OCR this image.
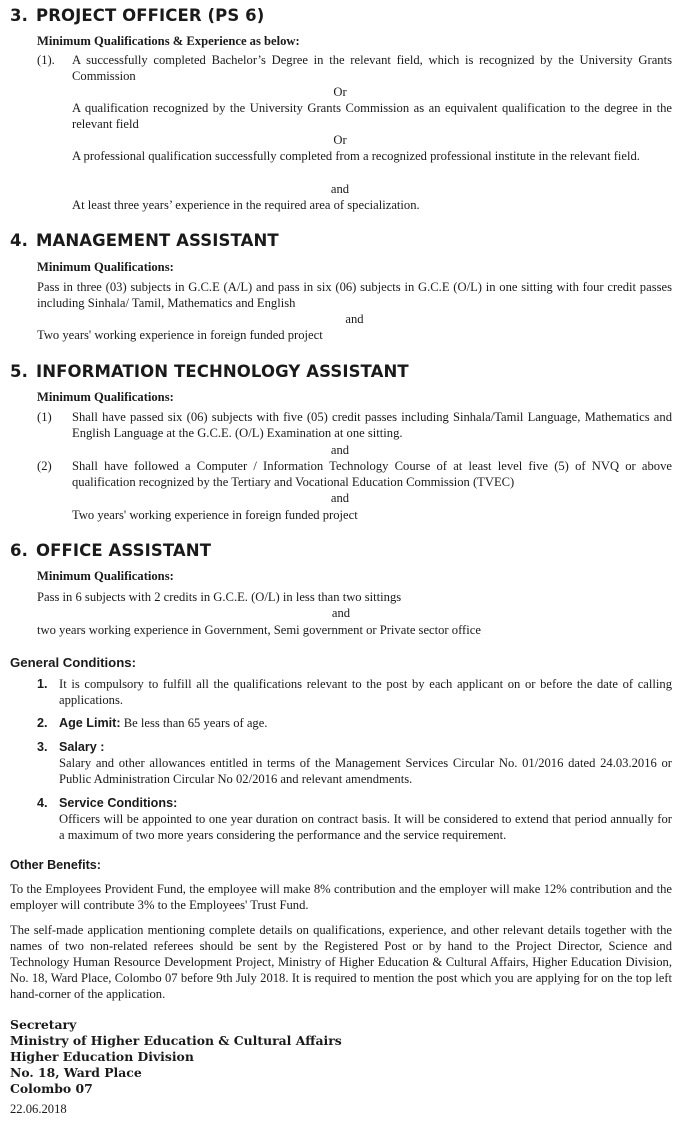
3. PROJECT OFFICER (PS 6)
Minimum Qualifications & Experience as below:
(1). A successfully completed Bachelor’s Degree in the relevant field, which is recognized by the University Grants Commission
Or
A qualification recognized by the University Grants Commission as an equivalent qualification to the degree in the relevant field
Or
A professional qualification successfully completed from a recognized professional institute in the relevant field.
and
At least three years’ experience in the required area of specialization.
4. MANAGEMENT ASSISTANT
Minimum Qualifications:
Pass in three (03) subjects in G.C.E (A/L) and pass in six (06) subjects in G.C.E (O/L) in one sitting with four credit passes including Sinhala/ Tamil, Mathematics and English
and
Two years' working experience in foreign funded project
5. INFORMATION TECHNOLOGY ASSISTANT
Minimum Qualifications:
(1) Shall have passed six (06) subjects with five (05) credit passes including Sinhala/Tamil Language, Mathematics and English Language at the G.C.E. (O/L) Examination at one sitting.
and
(2) Shall have followed a Computer / Information Technology Course of at least level five (5) of NVQ or above qualification recognized by the Tertiary and Vocational Education Commission (TVEC)
and
Two years' working experience in foreign funded project
6. OFFICE ASSISTANT
Minimum Qualifications:
Pass in 6 subjects with 2 credits in G.C.E. (O/L) in less than two sittings
and
two years working experience in Government, Semi government or Private sector office
General Conditions:
1. It is compulsory to fulfill all the qualifications relevant to the post by each applicant on or before the date of calling applications.
2. Age Limit: Be less than 65 years of age.
3. Salary :
Salary and other allowances entitled in terms of the Management Services Circular No. 01/2016 dated 24.03.2016 or Public Administration Circular No 02/2016 and relevant amendments.
4. Service Conditions:
Officers will be appointed to one year duration on contract basis. It will be considered to extend that period annually for a maximum of two more years considering the performance and the service requirement.
Other Benefits:
To the Employees Provident Fund, the employee will make 8% contribution and the employer will make 12% contribution and the employer will contribute 3% to the Employees' Trust Fund.
The self-made application mentioning complete details on qualifications, experience, and other relevant details together with the names of two non-related referees should be sent by the Registered Post or by hand to the Project Director, Science and Technology Human Resource Development Project, Ministry of Higher Education & Cultural Affairs, Higher Education Division, No. 18, Ward Place, Colombo 07 before 9th July 2018. It is required to mention the post which you are applying for on the top left hand-corner of the application.
Secretary
Ministry of Higher Education & Cultural Affairs
Higher Education Division
No. 18, Ward Place
Colombo 07
22.06.2018
